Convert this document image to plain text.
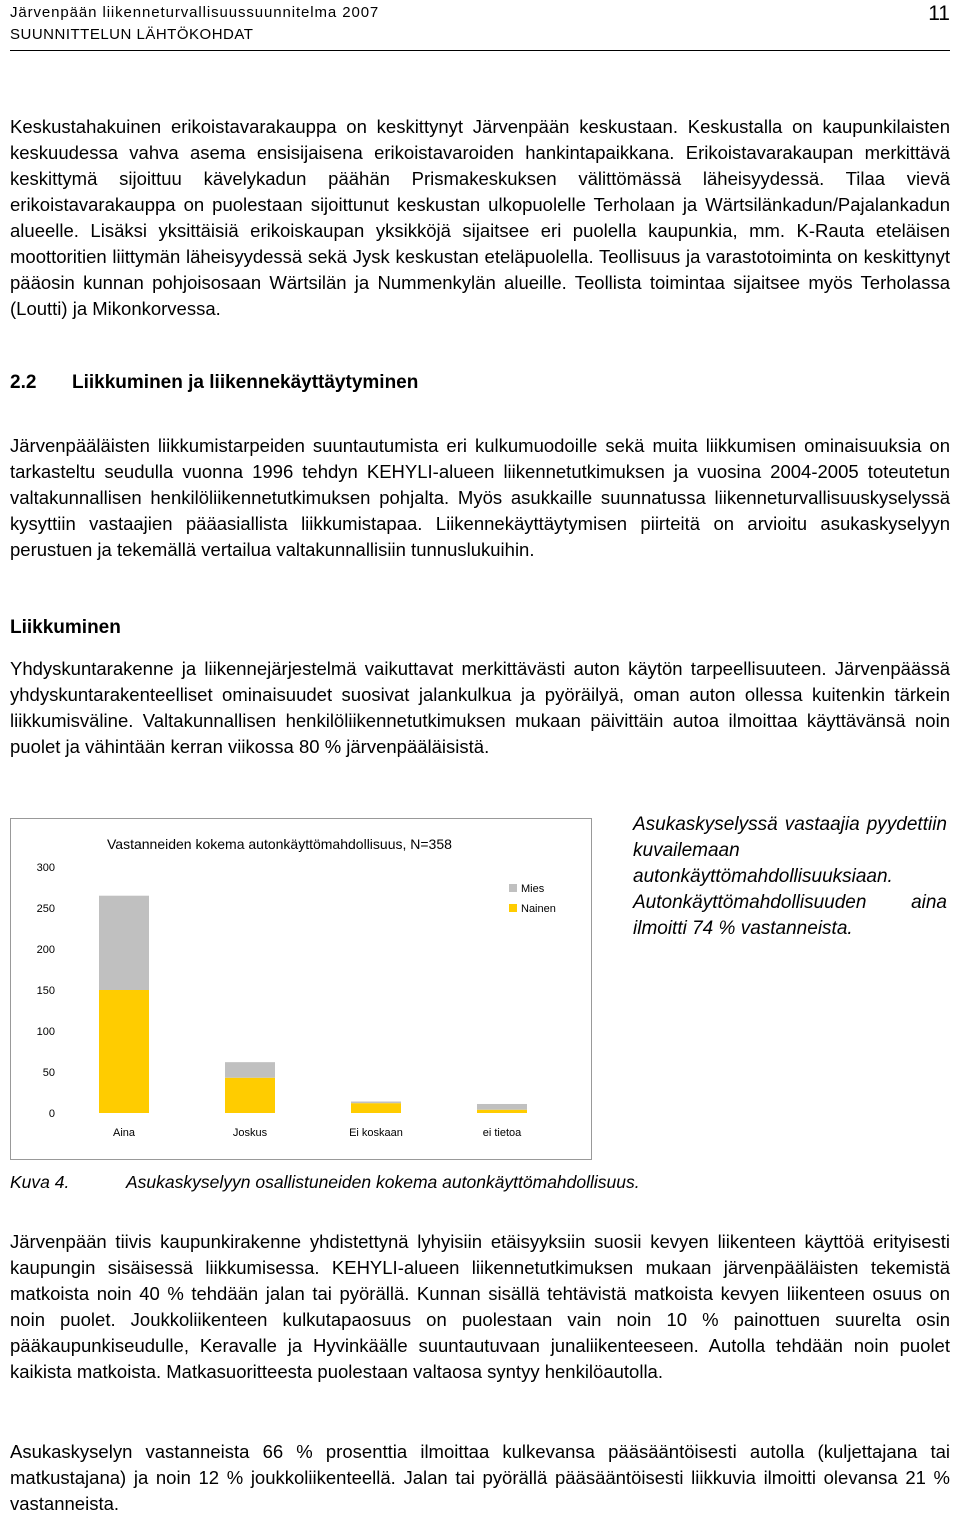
Järvenpään liikenneturvallisuussuunnitelma 2007
SUUNNITTELUN LÄHTÖKOHDAT
11

Keskustahakuinen erikoistavarakauppa on keskittynyt Järvenpään keskustaan. Keskustalla on kaupunkilaisten keskuudessa vahva asema ensisijaisena erikoistavaroiden hankintapaikkana. Erikoistavarakaupan merkittävä keskittymä sijoittuu kävelykadun päähän Prismakeskuksen välittömässä läheisyydessä. Tilaa vievä erikoistavarakauppa on puolestaan sijoittunut keskustan ulkopuolelle Terholaan ja Wärtsilänkadun/Pajalankadun alueelle. Lisäksi yksittäisiä erikoiskaupan yksikköjä sijaitsee eri puolella kaupunkia, mm. K-Rauta eteläisen moottoritien liittymän läheisyydessä sekä Jysk keskustan eteläpuolella. Teollisuus ja varastotoiminta on keskittynyt pääosin kunnan pohjoisosaan Wärtsilän ja Nummenkylän alueille. Teollista toimintaa sijaitsee myös Terholassa (Loutti) ja Mikonkorvessa.

2.2 Liikkuminen ja liikennekäyttäytyminen

Järvenpääläisten liikkumistarpeiden suuntautumista eri kulkumuodoille sekä muita liikkumisen ominaisuuksia on tarkasteltu seudulla vuonna 1996 tehdyn KEHYLI-alueen liikennetutkimuksen ja vuosina 2004-2005 toteutetun valtakunnallisen henkilöliikennetutkimuksen pohjalta. Myös asukkaille suunnatussa liikenneturvallisuuskyselyssä kysyttiin vastaajien pääasiallista liikkumistapaa. Liikennekäyttäytymisen piirteitä on arvioitu asukaskyselyyn perustuen ja tekemällä vertailua valtakunnallisiin tunnuslukuihin.

Liikkuminen

Yhdyskuntarakenne ja liikennejärjestelmä vaikuttavat merkittävästi auton käytön tarpeellisuuteen. Järvenpäässä yhdyskuntarakenteelliset ominaisuudet suosivat jalankulkua ja pyöräilyä, oman auton ollessa kuitenkin tärkein liikkumisväline. Valtakunnallisen henkilöliikennetutkimuksen mukaan päivittäin autoa ilmoittaa käyttävänsä noin puolet ja vähintään kerran viikossa 80 % järvenpääläisistä.

Vastanneiden kokema autonkäyttömahdollisuus, N=358
0
50
100
150
200
250
300
Aina	Joskus	Ei koskaan	ei tietoa
Mies
Nainen

Asukaskyselyssä vastaajia pyydettiin kuvailemaan autonkäyttömahdollisuuksiaan. Autonkäyttömahdollisuuden aina ilmoitti 74 % vastanneista.

Kuva 4.	Asukaskyselyyn osallistuneiden kokema autonkäyttömahdollisuus.

Järvenpään tiivis kaupunkirakenne yhdistettynä lyhyisiin etäisyyksiin suosii kevyen liikenteen käyttöä erityisesti kaupungin sisäisessä liikkumisessa. KEHYLI-alueen liikennetutkimuksen mukaan järvenpääläisten tekemistä matkoista noin 40 % tehdään jalan tai pyörällä. Kunnan sisällä tehtävistä matkoista kevyen liikenteen osuus on noin puolet. Joukkoliikenteen kulkutapaosuus on puolestaan vain noin 10 % painottuen suurelta osin pääkaupunkiseudulle, Keravalle ja Hyvinkäälle suuntautuvaan junaliikenteeseen. Autolla tehdään noin puolet kaikista matkoista. Matkasuoritteesta puolestaan valtaosa syntyy henkilöautolla.

Asukaskyselyn vastanneista 66 % prosenttia ilmoittaa kulkevansa pääsääntöisesti autolla (kuljettajana tai matkustajana) ja noin 12 % joukkoliikenteellä. Jalan tai pyörällä pääsääntöisesti liikkuvia ilmoitti olevansa 21 % vastanneista.
